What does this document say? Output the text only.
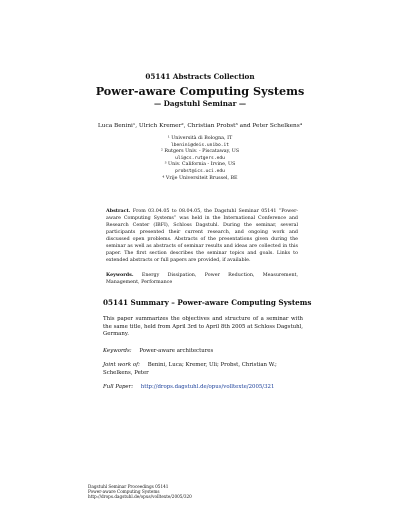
05141 Abstracts Collection
Power-aware Computing Systems
— Dagstuhl Seminar —
Luca Benini¹, Ulrich Kremer², Christian Probst³ and Peter Schelkens⁴
¹ Università di Bologna, IT
lbenini@deis.unibo.it
² Rutgers Univ. - Piscataway, US
uli@cs.rutgers.edu
³ Univ. California - Irvine, US
probst@ics.uci.edu
⁴ Vrije Universiteit Brussel, BE
Abstract. From 03.04.05 to 08.04.05, the Dagstuhl Seminar 05141 “Power-aware Computing Systems” was held in the International Conference and Research Center (IBFI), Schloss Dagstuhl. During the seminar, several participants presented their current research, and ongoing work and discussed open problems. Abstracts of the presentations given during the seminar as well as abstracts of seminar results and ideas are collected in this paper. The first section describes the seminar topics and goals. Links to extended abstracts or full papers are provided, if available.
Keywords. Energy Dissipation, Power Reduction, Measurement, Management, Performance
05141 Summary – Power-aware Computing Systems
This paper summarizes the objectives and structure of a seminar with the same title, held from April 3rd to April 8th 2005 at Schloss Dagstuhl, Germany.
Keywords: Power-aware architectures
Joint work of: Benini, Luca; Kremer, Uli; Probst, Christian W.; Schelkens, Peter
Full Paper: http://drops.dagstuhl.de/opus/volltexte/2005/321
Dagstuhl Seminar Proceedings 05141
Power-aware Computing Systems
http://drops.dagstuhl.de/opus/volltexte/2005/320
